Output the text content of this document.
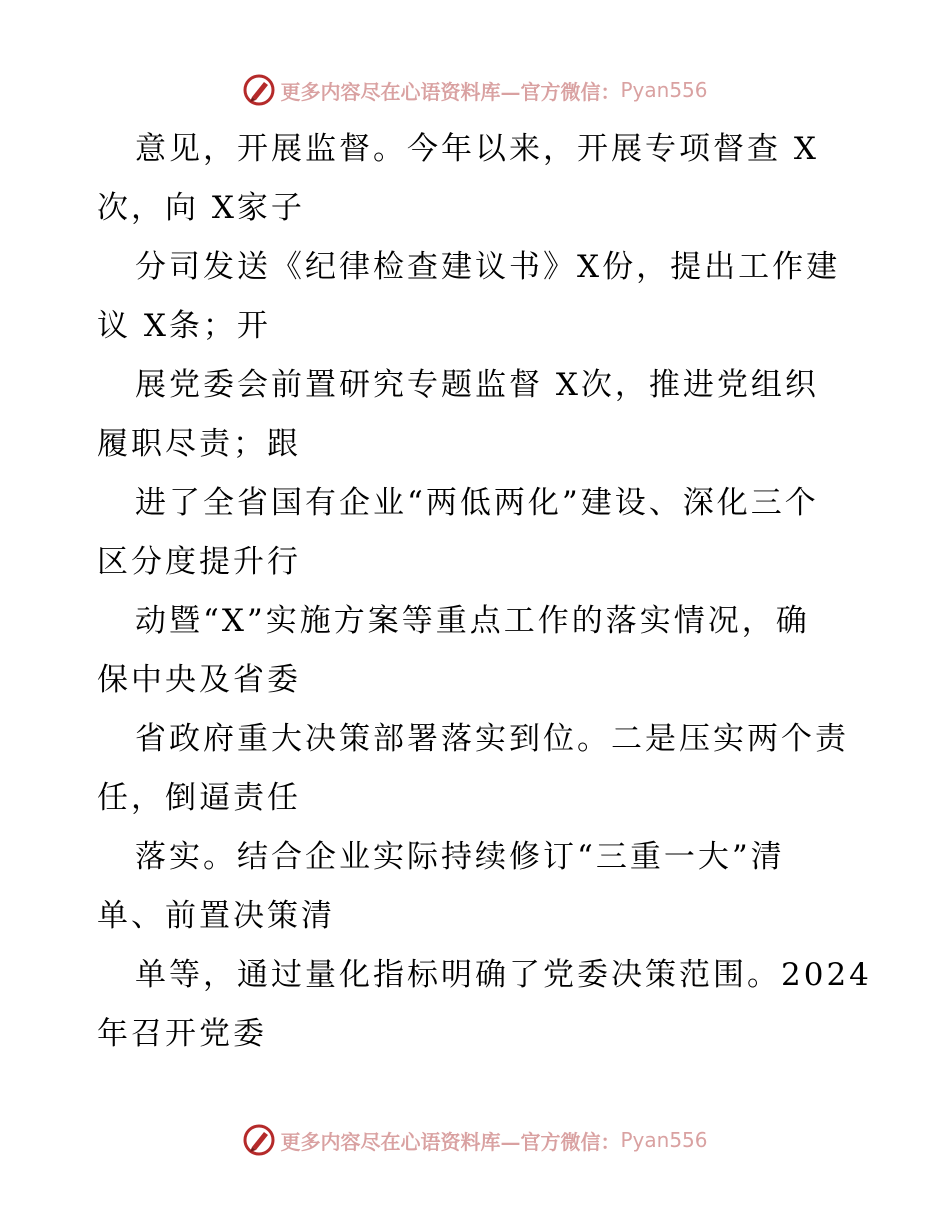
更多内容尽在心语资料库—官方微信： Pyan556
意见，开展监督。今年以来，开展专项督查 X
次，向 X家子
分司发送《纪律检查建议书》X份，提出工作建
议 X条；开
展党委会前置研究专题监督 X次，推进党组织
履职尽责；跟
进了全省国有企业“两低两化”建设、深化三个
区分度提升行
动暨“X”实施方案等重点工作的落实情况，确
保中央及省委
省政府重大决策部署落实到位。二是压实两个责
任，倒逼责任
落实。结合企业实际持续修订“三重一大”清
单、前置决策清
单等，通过量化指标明确了党委决策范围。2024
年召开党委
更多内容尽在心语资料库—官方微信： Pyan556
